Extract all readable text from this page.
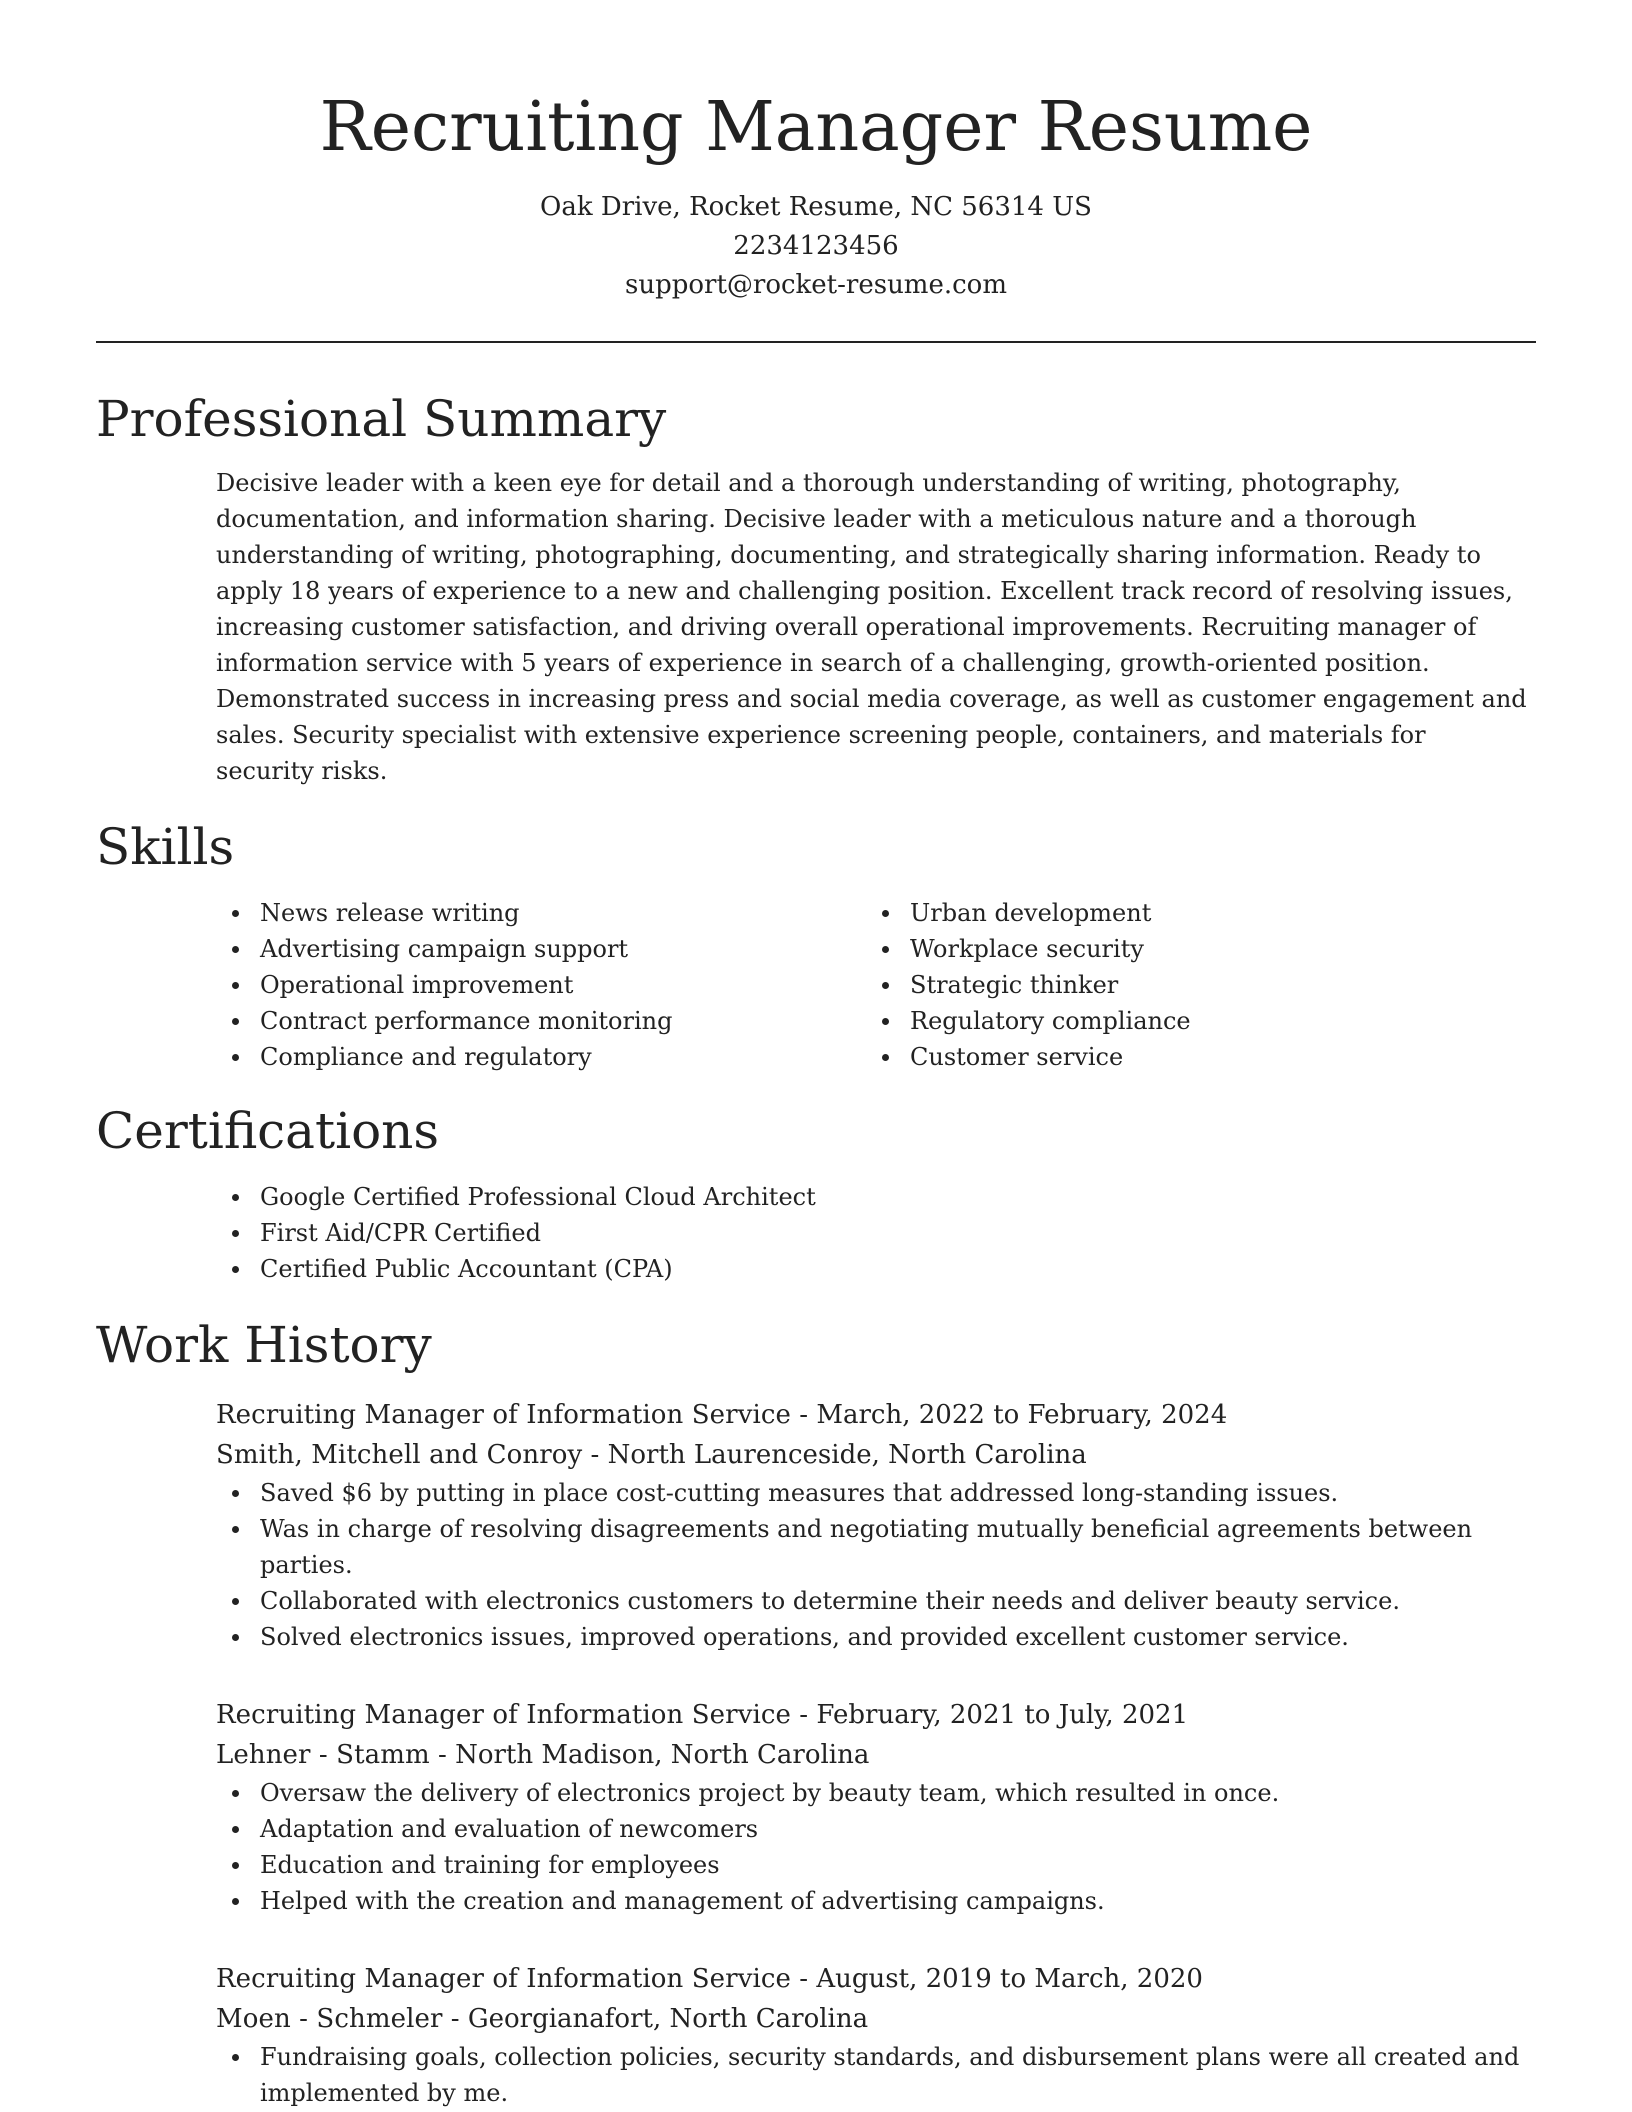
Recruiting Manager Resume

Oak Drive, Rocket Resume, NC 56314 US

2234123456

support@rocket-resume.com

Professional Summary

Decisive leader with a keen eye for detail and a thorough understanding of writing, photography, documentation, and information sharing. Decisive leader with a meticulous nature and a thorough understanding of writing, photographing, documenting, and strategically sharing information. Ready to apply 18 years of experience to a new and challenging position. Excellent track record of resolving issues, increasing customer satisfaction, and driving overall operational improvements. Recruiting manager of information service with 5 years of experience in search of a challenging, growth-oriented position. Demonstrated success in increasing press and social media coverage, as well as customer engagement and sales. Security specialist with extensive experience screening people, containers, and materials for security risks.

Skills
News release writing
Advertising campaign support
Operational improvement
Contract performance monitoring
Compliance and regulatory
Urban development
Workplace security
Strategic thinker
Regulatory compliance
Customer service
Certifications
Google Certified Professional Cloud Architect
First Aid/CPR Certified
Certified Public Accountant (CPA)
Work History

Recruiting Manager of Information Service - March, 2022 to February, 2024

Smith, Mitchell and Conroy - North Laurenceside, North Carolina

Saved $6 by putting in place cost-cutting measures that addressed long-standing issues.
Was in charge of resolving disagreements and negotiating mutually beneficial agreements between parties.
Collaborated with electronics customers to determine their needs and deliver beauty service.
Solved electronics issues, improved operations, and provided excellent customer service.

Recruiting Manager of Information Service - February, 2021 to July, 2021

Lehner - Stamm - North Madison, North Carolina

Oversaw the delivery of electronics project by beauty team, which resulted in once.
Adaptation and evaluation of newcomers
Education and training for employees
Helped with the creation and management of advertising campaigns.

Recruiting Manager of Information Service - August, 2019 to March, 2020

Moen - Schmeler - Georgianafort, North Carolina

Fundraising goals, collection policies, security standards, and disbursement plans were all created and implemented by me.
